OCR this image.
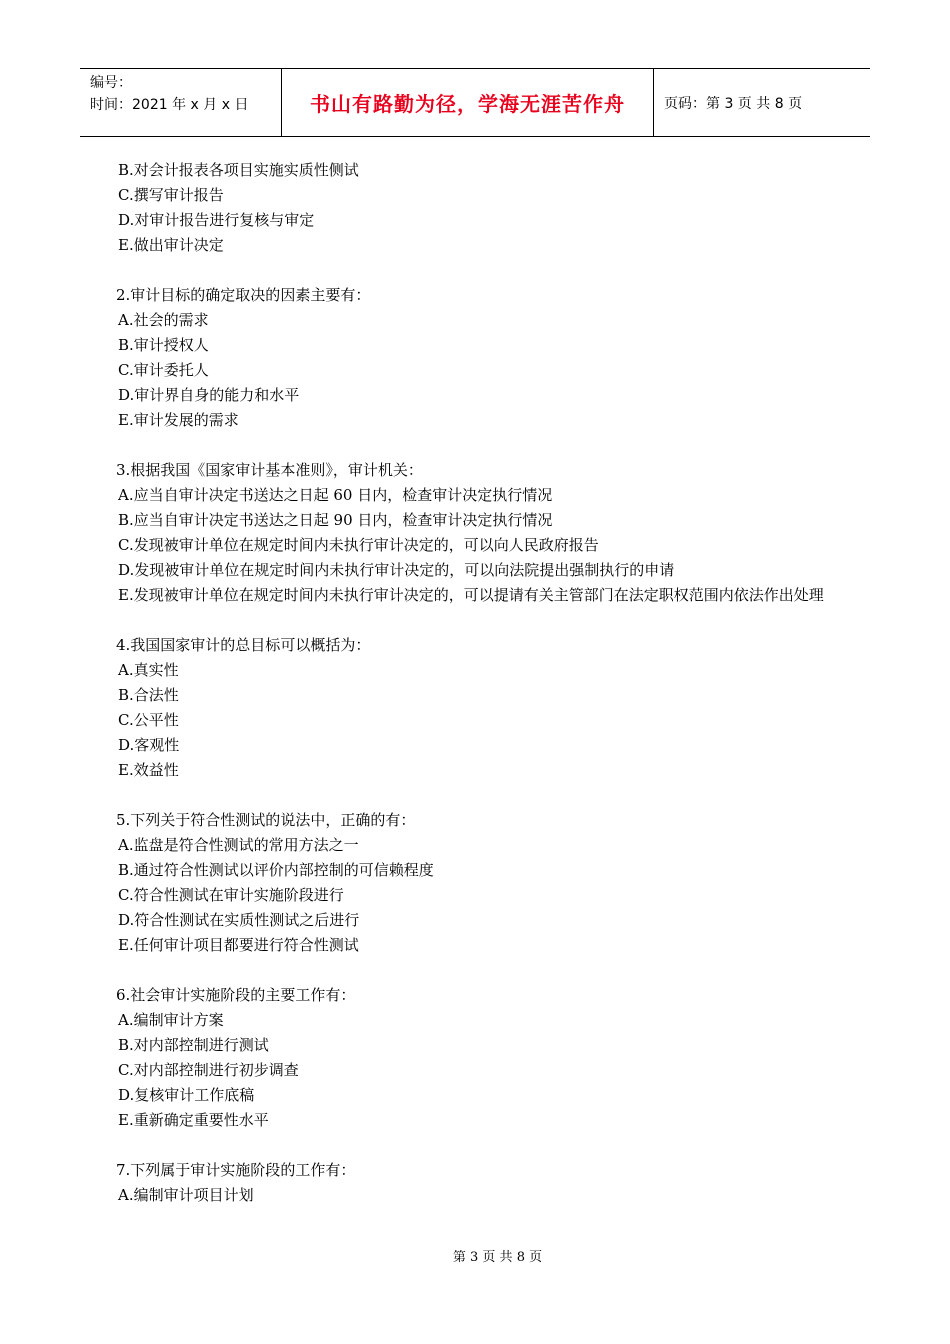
编号：
时间：2021 年 x 月 x 日	书山有路勤为径，学海无涯苦作舟	页码：第 3 页 共 8 页
B.对会计报表各项目实施实质性侧试
C.撰写审计报告
D.对审计报告进行复核与审定
E.做出审计决定
2.审计目标的确定取决的因素主要有：
A.社会的需求
B.审计授权人
C.审计委托人
D.审计界自身的能力和水平
E.审计发展的需求
3.根据我国《国家审计基本准则》，审计机关：
A.应当自审计决定书送达之日起 60 日内，检查审计决定执行情况
B.应当自审计决定书送达之日起 90 日内，检查审计决定执行情况
C.发现被审计单位在规定时间内未执行审计决定的，可以向人民政府报告
D.发现被审计单位在规定时间内未执行审计决定的，可以向法院提出强制执行的申请
E.发现被审计单位在规定时间内未执行审计决定的，可以提请有关主管部门在法定职权范围内依法作出处理
4.我国国家审计的总目标可以概括为：
A.真实性
B.合法性
C.公平性
D.客观性
E.效益性
5.下列关于符合性测试的说法中，正确的有：
A.监盘是符合性测试的常用方法之一
B.通过符合性测试以评价内部控制的可信赖程度
C.符合性测试在审计实施阶段进行
D.符合性测试在实质性测试之后进行
E.任何审计项目都要进行符合性测试
6.社会审计实施阶段的主要工作有：
A.编制审计方案
B.对内部控制进行测试
C.对内部控制进行初步调查
D.复核审计工作底稿
E.重新确定重要性水平
7.下列属于审计实施阶段的工作有：
A.编制审计项目计划
第 3 页 共 8 页
